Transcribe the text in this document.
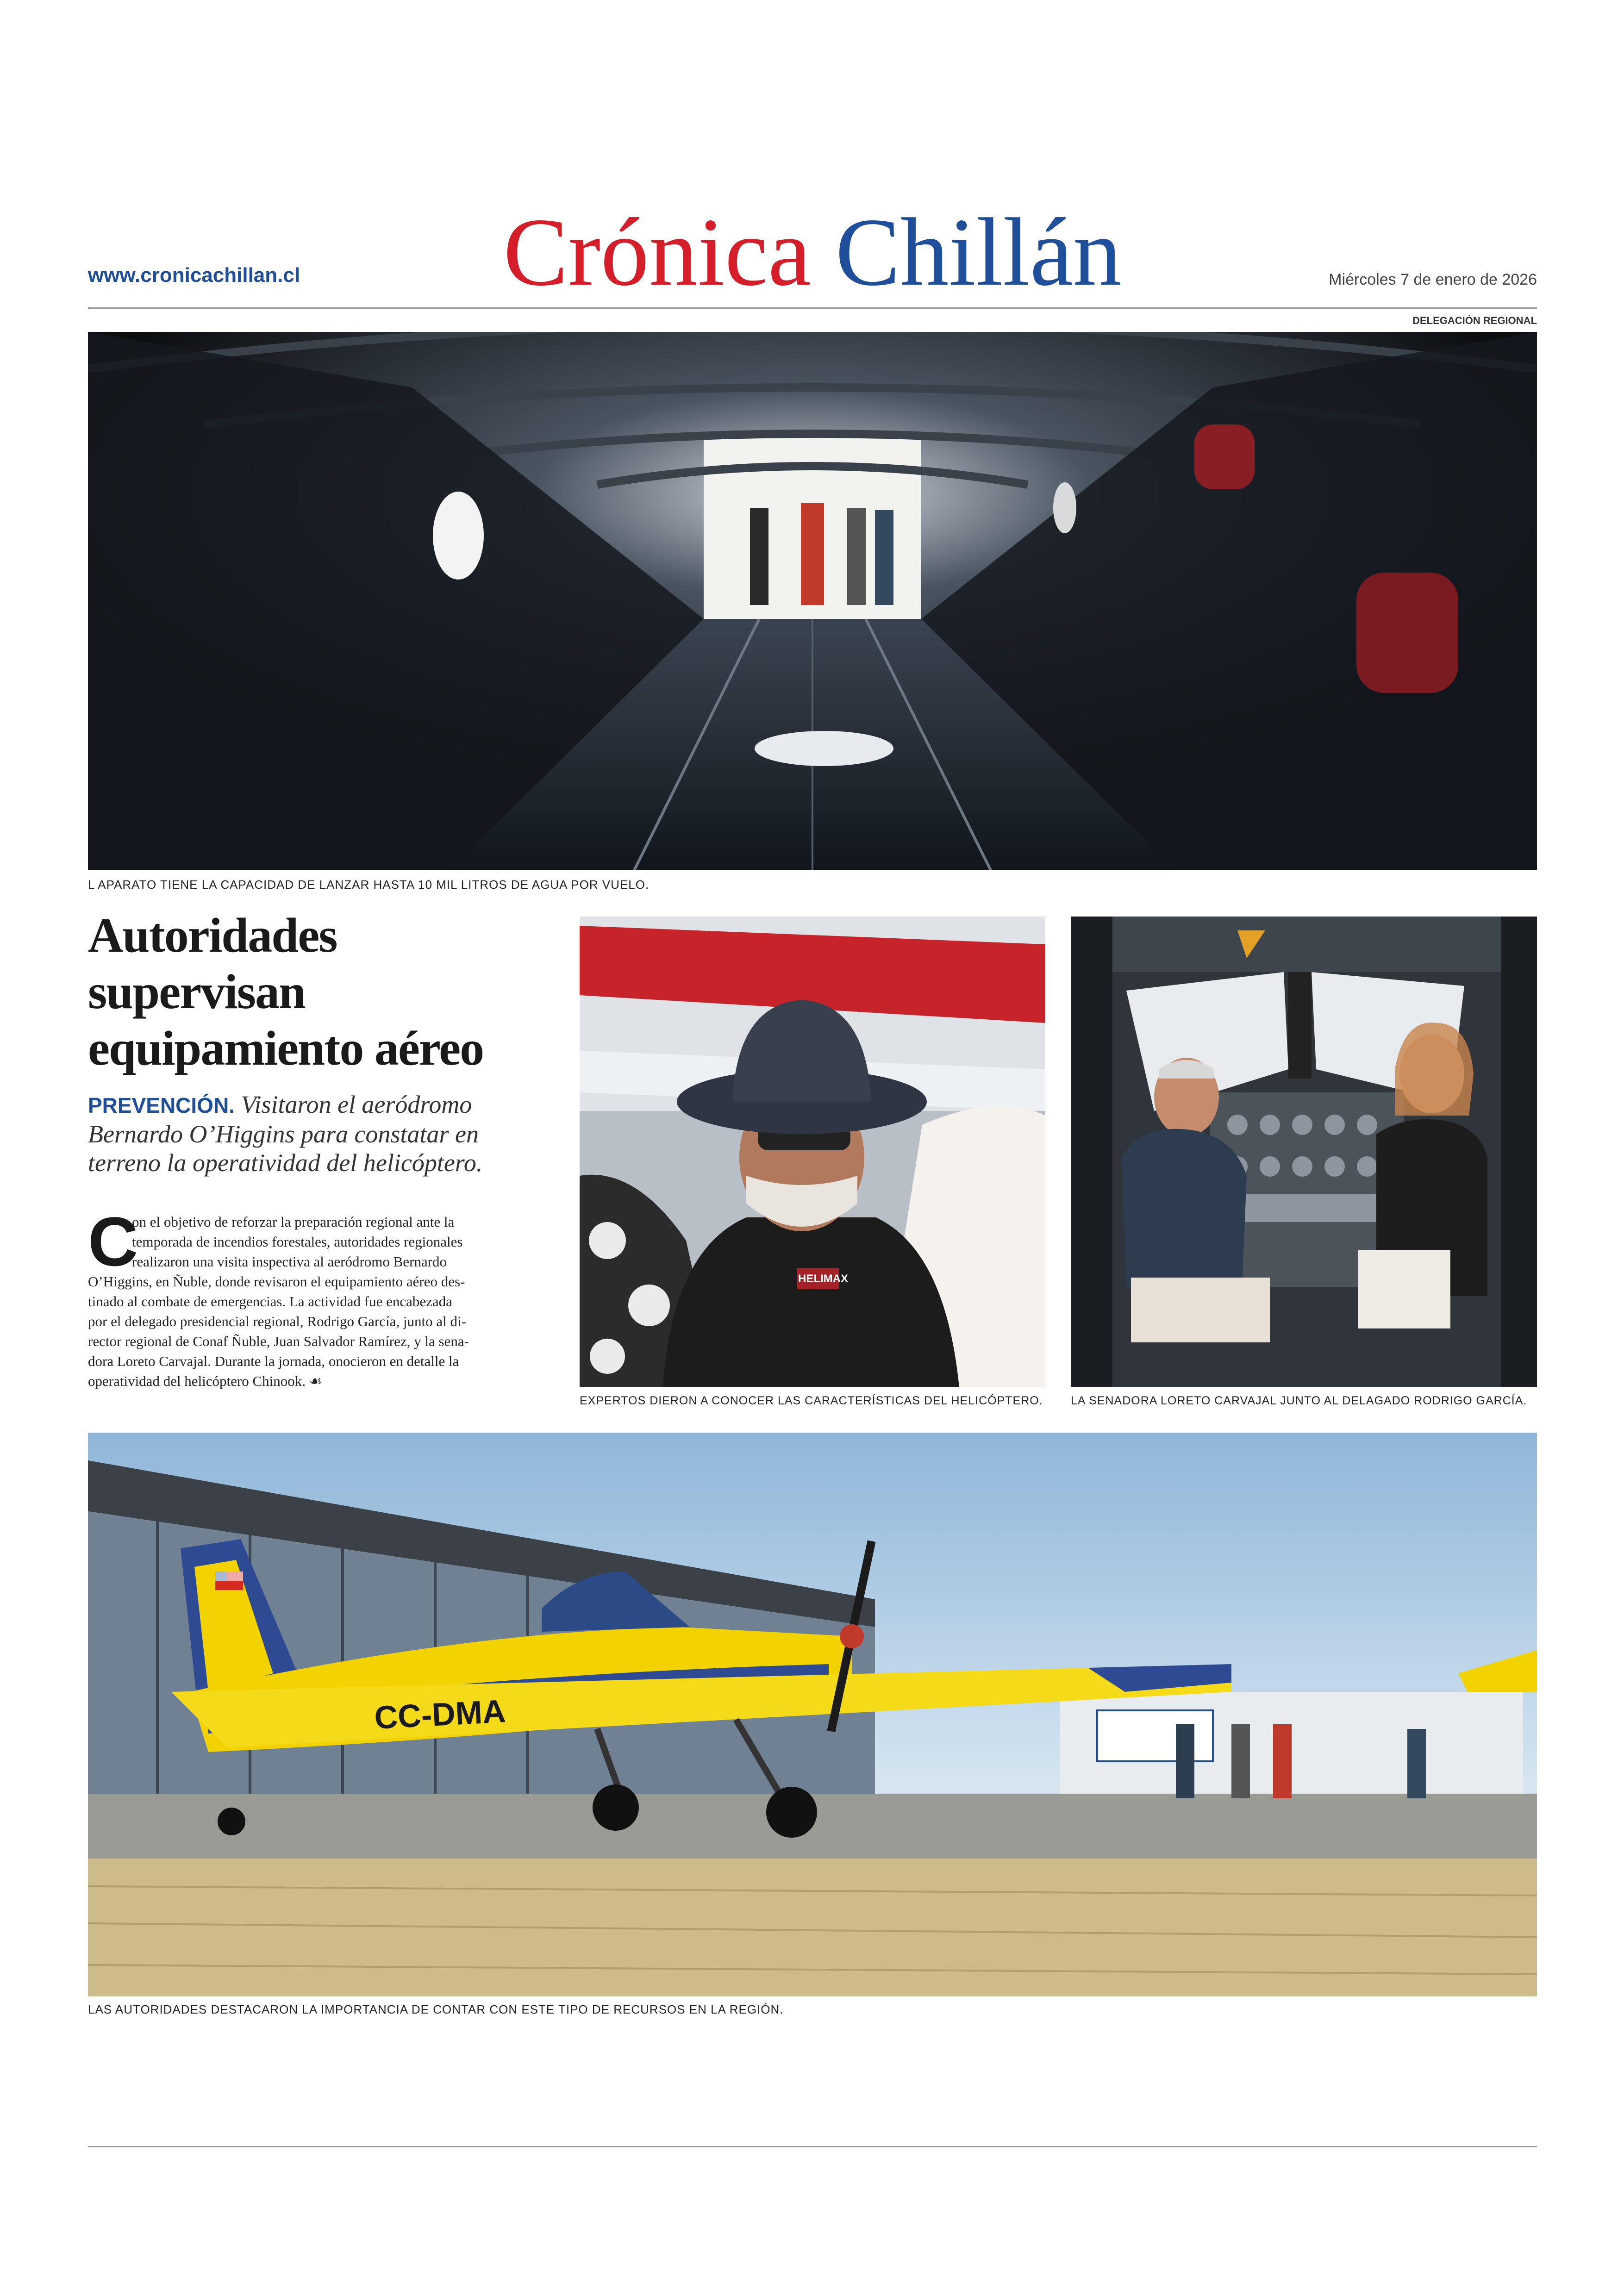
Crónica Chillán
www.cronicachillan.cl	Miércoles 7 de enero de 2026
DELEGACIÓN REGIONAL
L APARATO TIENE LA CAPACIDAD DE LANZAR HASTA 10 MIL LITROS DE AGUA POR VUELO.
Autoridades
supervisan
equipamiento aéreo
PREVENCIÓN. Visitaron el aeródromo
Bernardo O’Higgins para constatar en
terreno la operatividad del helicóptero.
C
on el objetivo de reforzar la preparación regional ante la
temporada de incendios forestales, autoridades regionales
realizaron una visita inspectiva al aeródromo Bernardo
O’Higgins, en Ñuble, donde revisaron el equipamiento aéreo des-
tinado al combate de emergencias. La actividad fue encabezada
por el delegado presidencial regional, Rodrigo García, junto al di-
rector regional de Conaf Ñuble, Juan Salvador Ramírez, y la sena-
dora Loreto Carvajal. Durante la jornada, onocieron en detalle la
operatividad del helicóptero Chinook. ☙
HELIMAX
EXPERTOS DIERON A CONOCER LAS CARACTERÍSTICAS DEL HELICÓPTERO. LA SENADORA LORETO CARVAJAL JUNTO AL DELAGADO RODRIGO GARCÍA.
CC-DMA
LAS AUTORIDADES DESTACARON LA IMPORTANCIA DE CONTAR CON ESTE TIPO DE RECURSOS EN LA REGIÓN.
